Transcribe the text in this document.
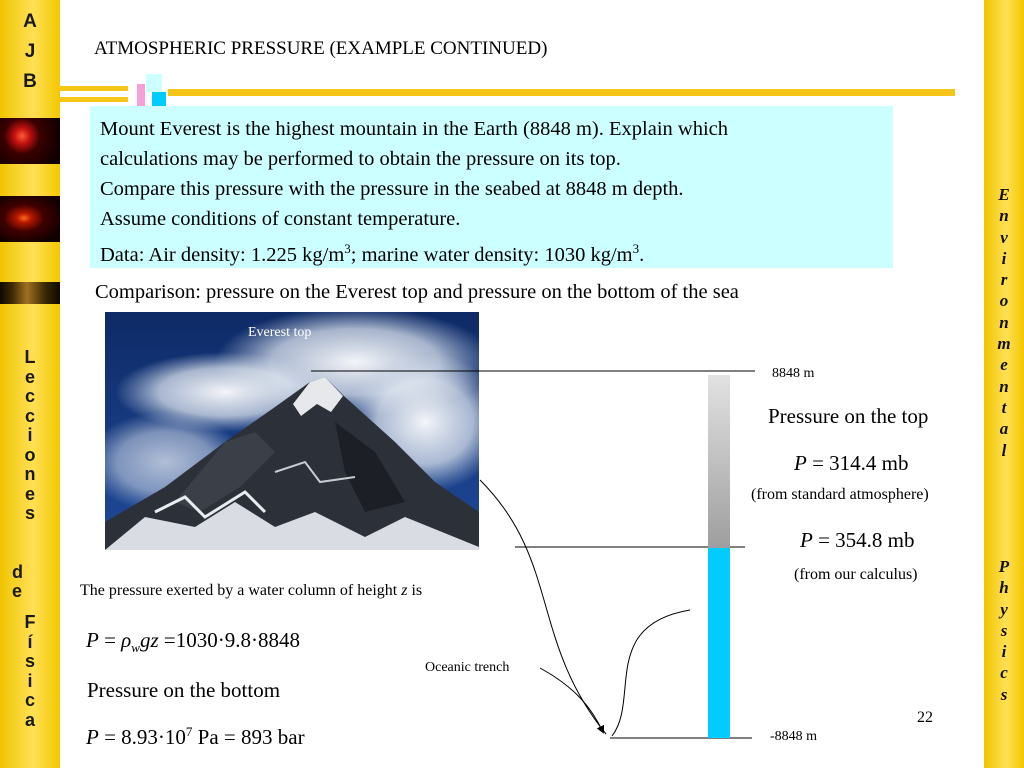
A
J
B
L
e
c
c
i
o
n
e
s
d
e
F
í
s
i
c
a
E
n
v
i
r
o
n
m
e
n
t
a
l
P
h
y
s
i
c
s
ATMOSPHERIC PRESSURE (EXAMPLE CONTINUED)
Mount Everest is the highest mountain in the Earth (8848 m). Explain which
calculations may be performed to obtain the pressure on its top.
Compare this pressure with the pressure in the seabed at 8848 m depth.
Assume conditions of constant temperature.
Data: Air density: 1.225 $kg/m^3$; marine water density: 1030 $kg/m^3$.
Comparison: pressure on the Everest top and pressure on the bottom of the sea
Everest top
8848 m
-8848 m
Pressure on the top
P = 314.4 mb
(from standard atmosphere)
P = 354.8 mb
(from our calculus)
The pressure exerted by a water column of height z is
$P = \rho_wgz =1030\cdot 9.8\cdot 8848$
Pressure on the bottom
$P = 8.93\cdot 10^7$ Pa = 893 bar
Oceanic trench
22
